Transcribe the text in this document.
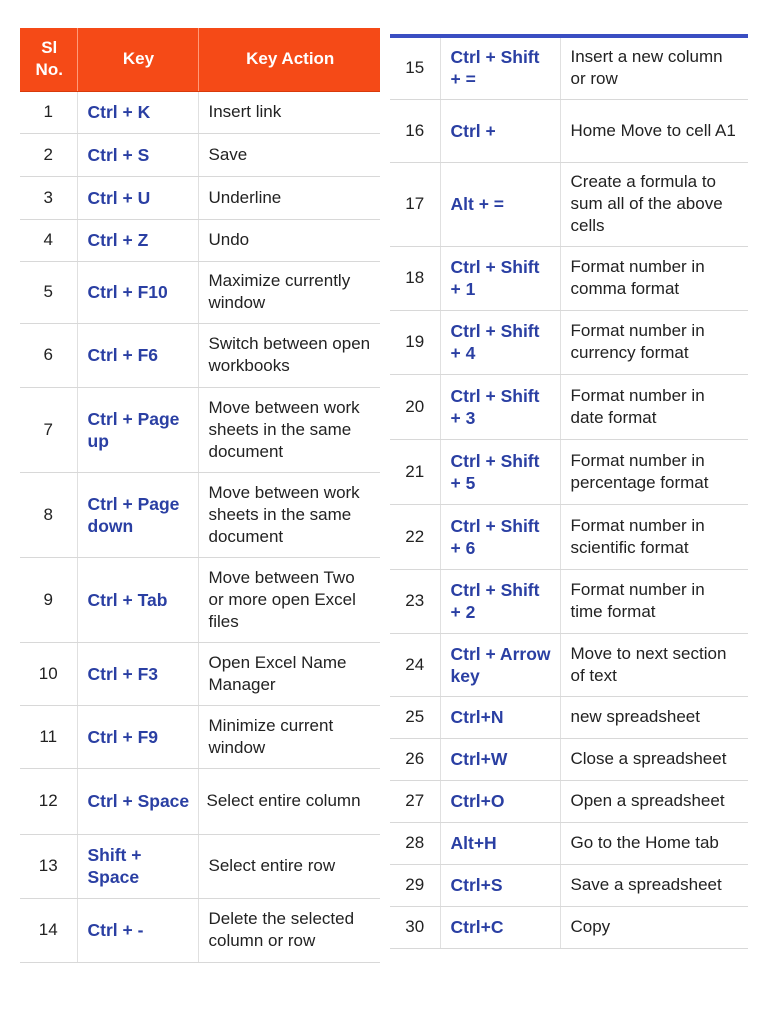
Sl
No.	Key	Key Action
1	Ctrl + K	Insert link
2	Ctrl + S	Save
3	Ctrl + U	Underline
4	Ctrl + Z	Undo
5	Ctrl + F10	Maximize currently window
6	Ctrl + F6	Switch between open workbooks
7	Ctrl + Page up	Move between work sheets in the same document
8	Ctrl + Page down	Move between work sheets in the same document
9	Ctrl + Tab	Move between Two or more open Excel files
10	Ctrl + F3	Open Excel Name Manager
11	Ctrl + F9	Minimize current window
12	Ctrl + Space	Select entire column
13	Shift + Space	Select entire row
14	Ctrl + -	Delete the selected column or row
15	Ctrl + Shift + =	Insert a new column or row
16	Ctrl +	Home Move to cell A1
17	Alt + =	Create a formula to sum all of the above cells
18	Ctrl + Shift + 1	Format number in comma format
19	Ctrl + Shift + 4	Format number in currency format
20	Ctrl + Shift + 3	Format number in date format
21	Ctrl + Shift + 5	Format number in percentage format
22	Ctrl + Shift + 6	Format number in scientific format
23	Ctrl + Shift + 2	Format number in time format
24	Ctrl + Arrow key	Move to next section of text
25	Ctrl+N	new spreadsheet
26	Ctrl+W	Close a spreadsheet
27	Ctrl+O	Open a spreadsheet
28	Alt+H	Go to the Home tab
29	Ctrl+S	Save a spreadsheet
30	Ctrl+C	Copy
